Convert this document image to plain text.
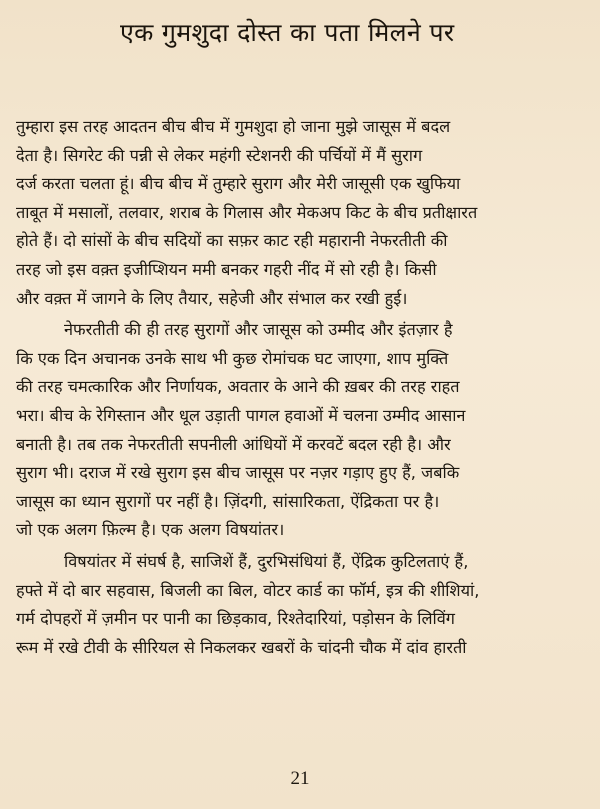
एक गुमशुदा दोस्त का पता मिलने पर
तुम्हारा इस तरह आदतन बीच बीच में गुमशुदा हो जाना मुझे जासूस में बदल
देता है। सिगरेट की पन्नी से लेकर महंगी स्टेशनरी की पर्चियों में मैं सुराग
दर्ज करता चलता हूं। बीच बीच में तुम्हारे सुराग और मेरी जासूसी एक खुफिया
ताबूत में मसालों, तलवार, शराब के गिलास और मेकअप किट के बीच प्रतीक्षारत
होते हैं। दो सांसों के बीच सदियों का सफ़र काट रही महारानी नेफरतीती की
तरह जो इस वक़्त इजीप्शियन ममी बनकर गहरी नींद में सो रही है। किसी
और वक़्त में जागने के लिए तैयार, सहेजी और संभाल कर रखी हुई।
नेफरतीती की ही तरह सुरागों और जासूस को उम्मीद और इंतज़ार है
कि एक दिन अचानक उनके साथ भी कुछ रोमांचक घट जाएगा, शाप मुक्ति
की तरह चमत्कारिक और निर्णायक, अवतार के आने की ख़बर की तरह राहत
भरा। बीच के रेगिस्तान और धूल उड़ाती पागल हवाओं में चलना उम्मीद आसान
बनाती है। तब तक नेफरतीती सपनीली आंधियों में करवटें बदल रही है। और
सुराग भी। दराज में रखे सुराग इस बीच जासूस पर नज़र गड़ाए हुए हैं, जबकि
जासूस का ध्यान सुरागों पर नहीं है। ज़िंदगी, सांसारिकता, ऐंद्रिकता पर है।
जो एक अलग फ़िल्म है। एक अलग विषयांतर।
विषयांतर में संघर्ष है, साजिशें हैं, दुरभिसंधियां हैं, ऐंद्रिक कुटिलताएं हैं,
हफ्ते में दो बार सहवास, बिजली का बिल, वोटर कार्ड का फॉर्म, इत्र की शीशियां,
गर्म दोपहरों में ज़मीन पर पानी का छिड़काव, रिश्तेदारियां, पड़ोसन के लिविंग
रूम में रखे टीवी के सीरियल से निकलकर खबरों के चांदनी चौक में दांव हारती
21
